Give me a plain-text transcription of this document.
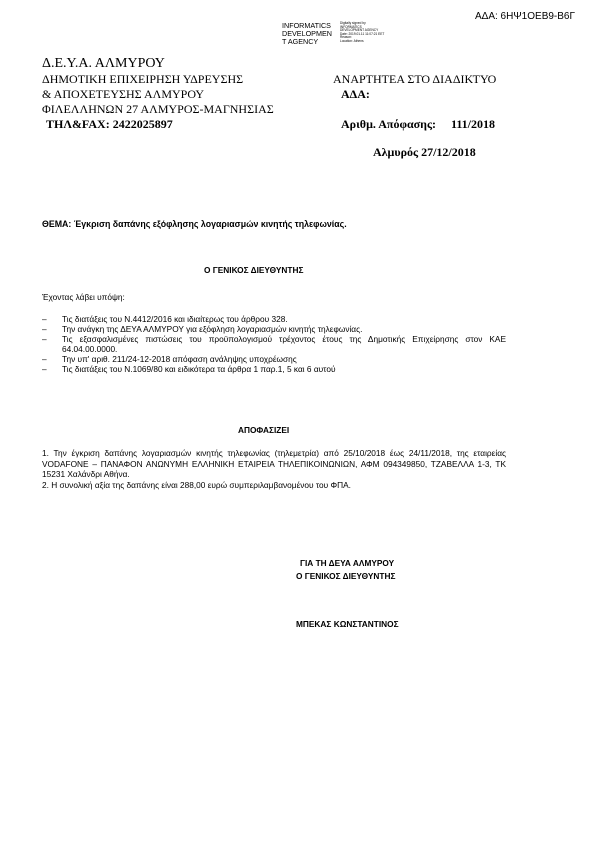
ΑΔΑ: 6ΗΨ1ΟΕΒ9-Β6Γ
INFORMATICS
DEVELOPMEN
T AGENCY
Digitally signed by
INFORMATICS
DEVELOPMENT AGENCY
Date: 2019.01.11 11:07:21 EET
Reason:
Location: Athens
Δ.Ε.Υ.Α. ΑΛΜΥΡΟΥ
ΔΗΜΟΤΙΚΗ ΕΠΙΧΕΙΡΗΣΗ ΥΔΡΕΥΣΗΣ
& ΑΠΟΧΕΤΕΥΣΗΣ ΑΛΜΥΡΟΥ
ΦΙΛΕΛΛΗΝΩΝ 27 ΑΛΜΥΡΟΣ-ΜΑΓΝΗΣΙΑΣ
ΤΗΛ&FAX: 2422025897
ΑΝΑΡΤΗΤΕΑ ΣΤΟ ΔΙΑΔΙΚΤΥΟ
ΑΔΑ:
Αριθμ. Απόφασης: 111/2018
Αλμυρός 27/12/2018
ΘΕΜΑ: Έγκριση δαπάνης εξόφλησης λογαριασμών κινητής τηλεφωνίας.
Ο ΓΕΝΙΚΟΣ ΔΙΕΥΘΥΝΤΗΣ
Έχοντας λάβει υπόψη:
– Τις διατάξεις του Ν.4412/2016 και ιδιαίτερως του άρθρου 328.
– Την ανάγκη της ΔΕΥΑ ΑΛΜΥΡΟΥ για εξόφληση λογαριασμών κινητής τηλεφωνίας.
– Τις εξασφαλισμένες πιστώσεις του προϋπολογισμού τρέχοντος έτους της Δημοτικής Επιχείρησης στον ΚΑΕ 64.04.00.0000.
– Την υπ' αριθ. 211/24-12-2018 απόφαση ανάληψης υποχρέωσης
– Τις διατάξεις του Ν.1069/80 και ειδικότερα τα άρθρα 1 παρ.1, 5 και 6 αυτού
ΑΠΟΦΑΣΙΖΕΙ
1. Την έγκριση δαπάνης λογαριασμών κινητής τηλεφωνίας (τηλεμετρία) από 25/10/2018 έως 24/11/2018, της εταιρείας VODAFONE – ΠΑΝΑΦΟΝ ΑΝΩΝΥΜΗ ΕΛΛΗΝΙΚΗ ΕΤΑΙΡΕΙΑ ΤΗΛΕΠΙΚΟΙΝΩΝΙΩΝ, ΑΦΜ 094349850, ΤΖΑΒΕΛΛΑ 1-3, ΤΚ 15231 Χαλάνδρι Αθήνα.
2. Η συνολική αξία της δαπάνης είναι 288,00 ευρώ συμπεριλαμβανομένου του ΦΠΑ.
ΓΙΑ ΤΗ ΔΕΥΑ ΑΛΜΥΡΟΥ
Ο ΓΕΝΙΚΟΣ ΔΙΕΥΘΥΝΤΗΣ
ΜΠΕΚΑΣ ΚΩΝΣΤΑΝΤΙΝΟΣ
